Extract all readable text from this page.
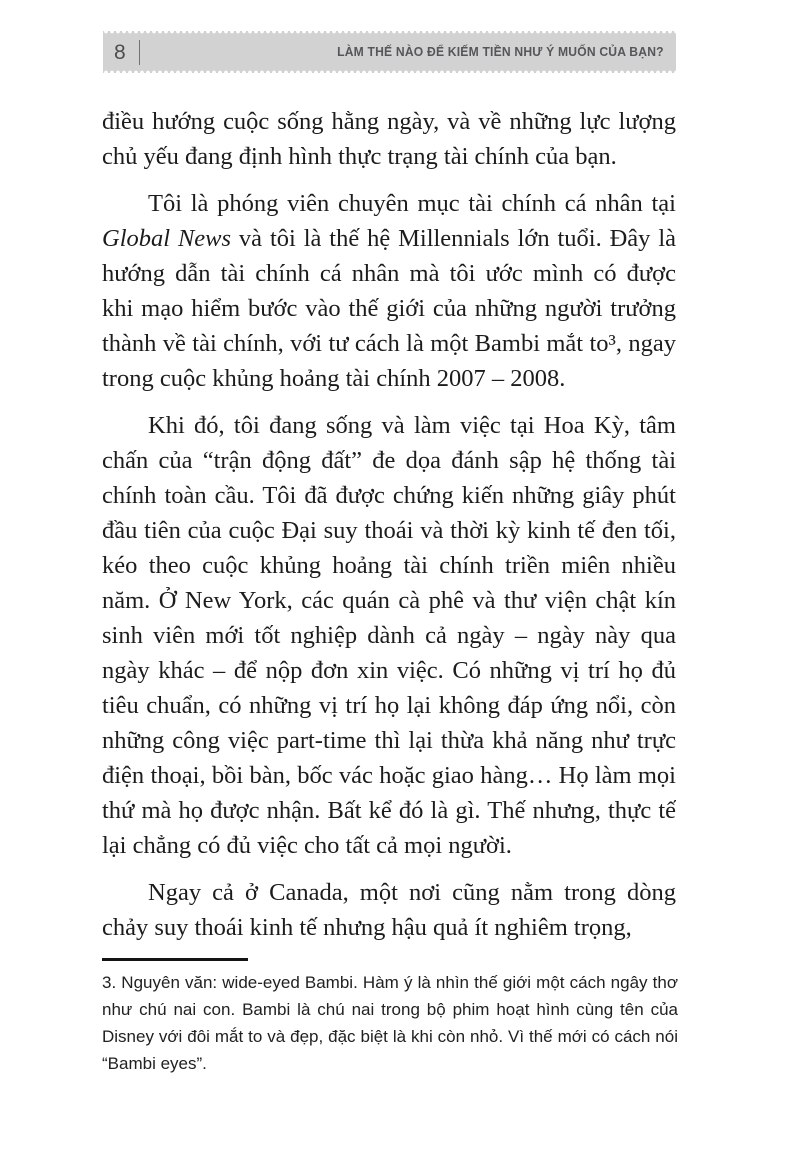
8	LÀM THẾ NÀO ĐỂ KIẾM TIỀN NHƯ Ý MUỐN CỦA BẠN?
điều hướng cuộc sống hằng ngày, và về những lực lượng
chủ yếu đang định hình thực trạng tài chính của bạn.
Tôi là phóng viên chuyên mục tài chính cá nhân tại
Global News và tôi là thế hệ Millennials lớn tuổi. Đây là
hướng dẫn tài chính cá nhân mà tôi ước mình có được
khi mạo hiểm bước vào thế giới của những người trưởng
thành về tài chính, với tư cách là một Bambi mắt to³, ngay
trong cuộc khủng hoảng tài chính 2007 – 2008.
Khi đó, tôi đang sống và làm việc tại Hoa Kỳ, tâm
chấn của “trận động đất” đe dọa đánh sập hệ thống tài
chính toàn cầu. Tôi đã được chứng kiến những giây phút
đầu tiên của cuộc Đại suy thoái và thời kỳ kinh tế đen tối,
kéo theo cuộc khủng hoảng tài chính triền miên nhiều
năm. Ở New York, các quán cà phê và thư viện chật kín
sinh viên mới tốt nghiệp dành cả ngày – ngày này qua
ngày khác – để nộp đơn xin việc. Có những vị trí họ đủ
tiêu chuẩn, có những vị trí họ lại không đáp ứng nổi, còn
những công việc part-time thì lại thừa khả năng như trực
điện thoại, bồi bàn, bốc vác hoặc giao hàng… Họ làm mọi
thứ mà họ được nhận. Bất kể đó là gì. Thế nhưng, thực tế
lại chẳng có đủ việc cho tất cả mọi người.
Ngay cả ở Canada, một nơi cũng nằm trong dòng
chảy suy thoái kinh tế nhưng hậu quả ít nghiêm trọng,
3. Nguyên văn: wide-eyed Bambi. Hàm ý là nhìn thế giới một cách ngây thơ
như chú nai con. Bambi là chú nai trong bộ phim hoạt hình cùng tên của
Disney với đôi mắt to và đẹp, đặc biệt là khi còn nhỏ. Vì thế mới có cách nói
“Bambi eyes”.
